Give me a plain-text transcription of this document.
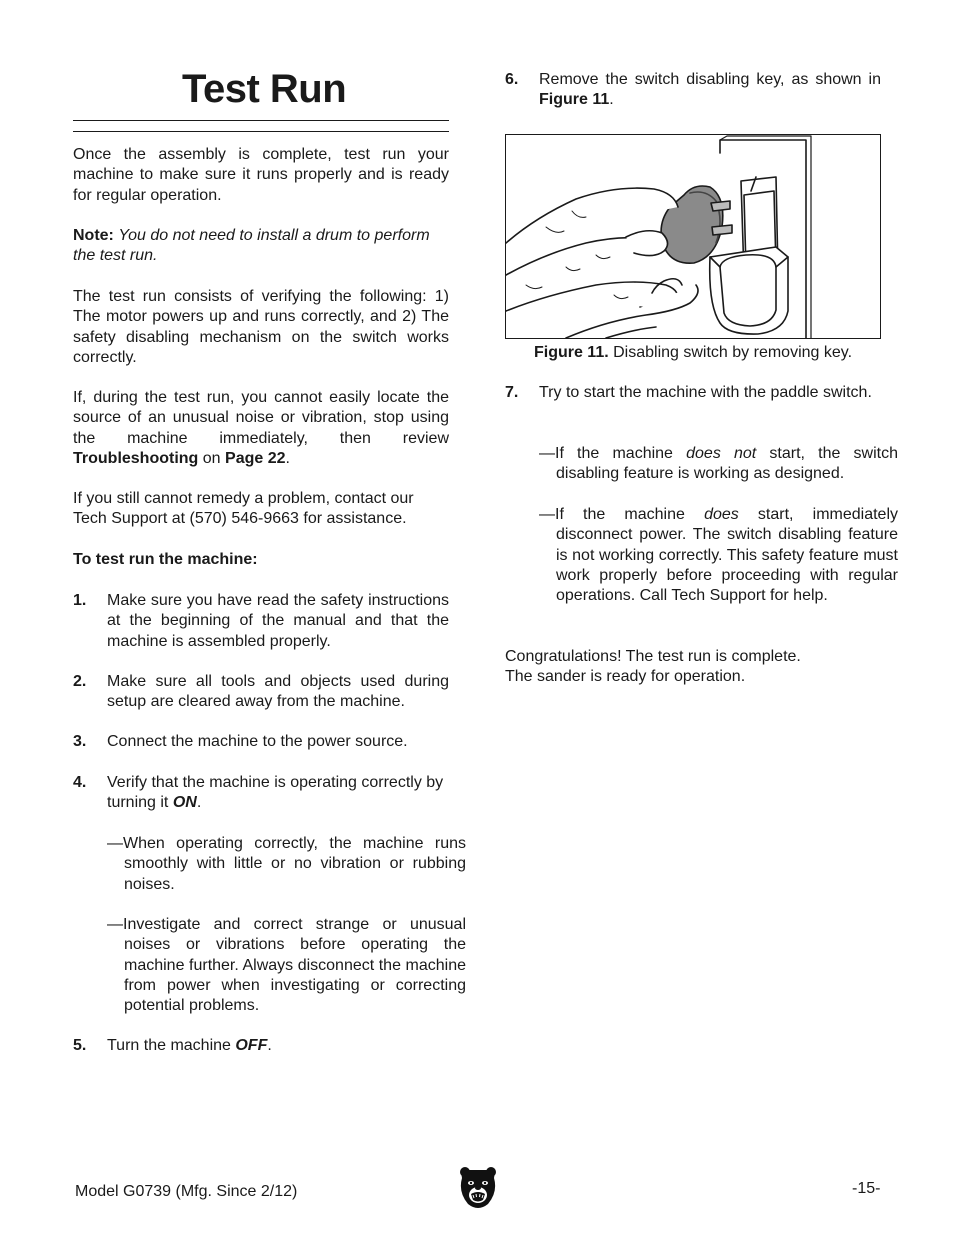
Test Run

Once the assembly is complete, test run your machine to make sure it runs properly and is ready for regular operation.

Note: You do not need to install a drum to perform the test run.

The test run consists of verifying the following: 1) The motor powers up and runs correctly, and 2) The safety disabling mechanism on the switch works correctly.

If, during the test run, you cannot easily locate the source of an unusual noise or vibration, stop using the machine immediately, then review Troubleshooting on Page 22.

If you still cannot remedy a problem, contact our Tech Support at (570) 546-9663 for assistance.

To test run the machine:

1. Make sure you have read the safety instructions at the beginning of the manual and that the machine is assembled properly.

2. Make sure all tools and objects used during setup are cleared away from the machine.

3. Connect the machine to the power source.

4. Verify that the machine is operating correctly by turning it ON.

—When operating correctly, the machine runs smoothly with little or no vibration or rubbing noises.

—Investigate and correct strange or unusual noises or vibrations before operating the machine further. Always disconnect the machine from power when investigating or correcting potential problems.

5. Turn the machine OFF.

6. Remove the switch disabling key, as shown in Figure 11.

7. Try to start the machine with the paddle switch.

—If the machine does not start, the switch disabling feature is working as designed.

—If the machine does start, immediately disconnect power. The switch disabling feature is not working correctly. This safety feature must work properly before proceeding with regular operations. Call Tech Support for help.

Congratulations! The test run is complete.

The sander is ready for operation.

Figure 11. Disabling switch by removing key.

Model G0739 (Mfg. Since 2/12)	-15-
